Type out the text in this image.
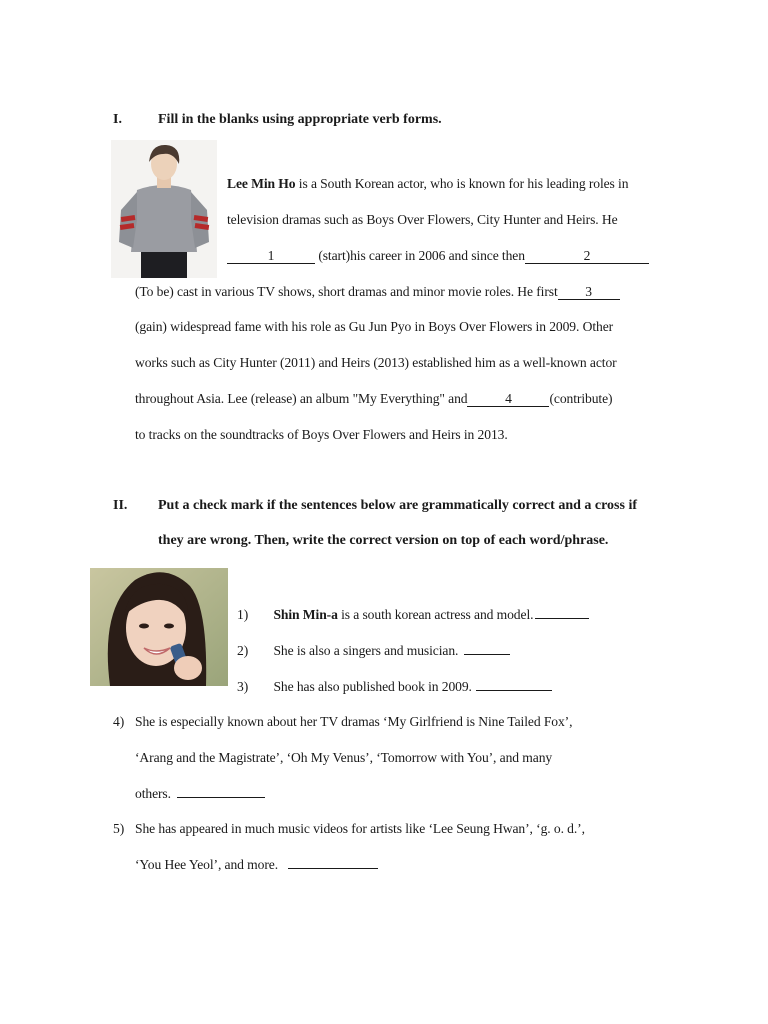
I.	Fill in the blanks using appropriate verb forms.
Lee Min Ho is a South Korean actor, who is known for his leading roles in
television dramas such as Boys Over Flowers, City Hunter and Heirs. He
1	(start)his career in 2006 and since then	2
(To be) cast in various TV shows, short dramas and minor movie roles. He first 3
(gain) widespread fame with his role as Gu Jun Pyo in Boys Over Flowers in 2009. Other
works such as City Hunter (2011) and Heirs (2013) established him as a well-known actor
throughout Asia. Lee (release) an album "My Everything" and	4	(contribute)
to tracks on the soundtracks of Boys Over Flowers and Heirs in 2013.
II. Put a check mark if the sentences below are grammatically correct and a cross if
they are wrong. Then, write the correct version on top of each word/phrase.
1) Shin Min-a is a south korean actress and model.
2) She is also a singers and musician.
3) She has also published book in 2009.
4) She is especially known about her TV dramas ‘My Girlfriend is Nine Tailed Fox’,
‘Arang and the Magistrate’, ‘Oh My Venus’, ‘Tomorrow with You’, and many
others.
5) She has appeared in much music videos for artists like ‘Lee Seung Hwan’, ‘g. o. d.’,
‘You Hee Yeol’, and more.
